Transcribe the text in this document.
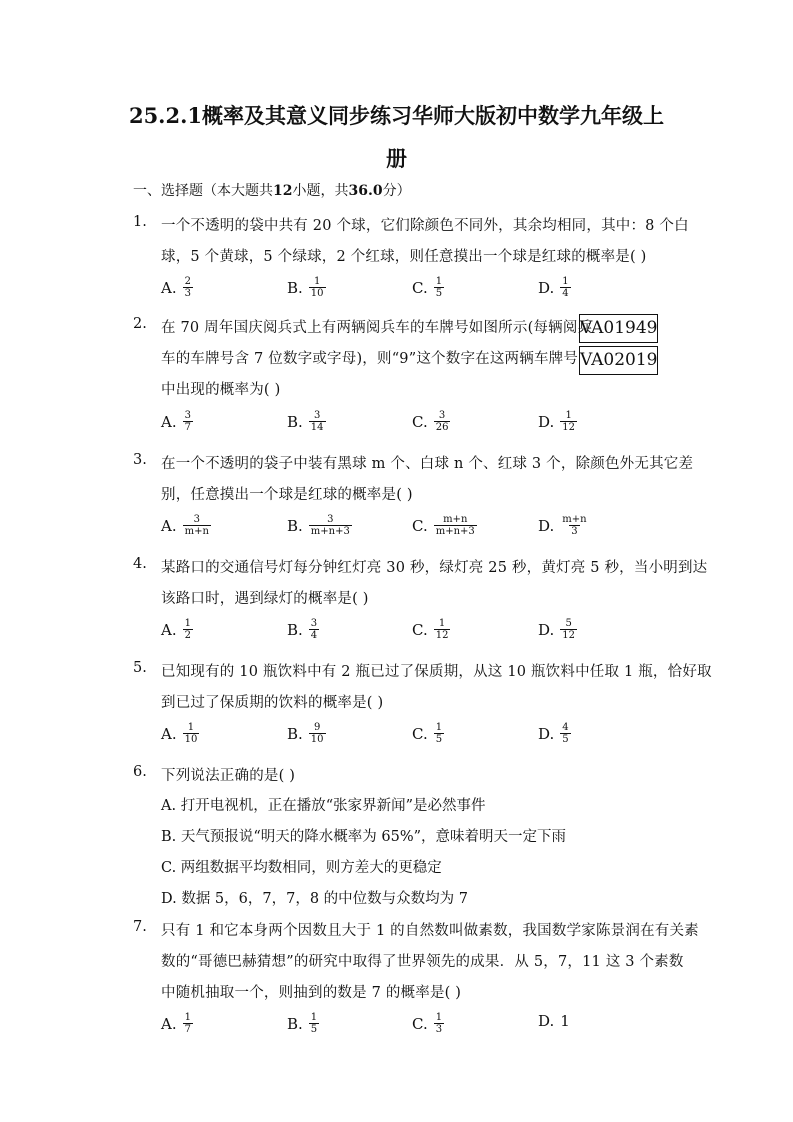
25.2.1概率及其意义同步练习华师大版初中数学九年级上
册
一、选择题（本大题共12小题，共36.0分）
1. 一个不透明的袋中共有 20 个球，它们除颜色不同外，其余均相同，其中：8 个白
球，5 个黄球，5 个绿球，2 个红球，则任意摸出一个球是红球的概率是( )
A. $\frac{2}{3}$	B. $\frac{1}{10}$	C. $\frac{1}{5}$	D. $\frac{1}{4}$
2. 在 70 周年国庆阅兵式上有两辆阅兵车的车牌号如图所示(每辆阅兵
车的车牌号含 7 位数字或字母)，则“9”这个数字在这两辆车牌号
中出现的概率为( )
VA01949
VA02019
A. $\frac{3}{7}$	B. $\frac{3}{14}$	C. $\frac{3}{26}$	D. $\frac{1}{12}$
3. 在一个不透明的袋子中装有黑球 m 个、白球 n 个、红球 3 个，除颜色外无其它差
别，任意摸出一个球是红球的概率是( )
A. $\frac{3}{m+n}$	B. $\frac{3}{m+n+3}$	C. $\frac{m+n}{m+n+3}$	D. $\frac{m+n}{3}$
4. 某路口的交通信号灯每分钟红灯亮 30 秒，绿灯亮 25 秒，黄灯亮 5 秒，当小明到达
该路口时，遇到绿灯的概率是( )
A. $\frac{1}{2}$	B. $\frac{3}{4}$	C. $\frac{1}{12}$	D. $\frac{5}{12}$
5. 已知现有的 10 瓶饮料中有 2 瓶已过了保质期，从这 10 瓶饮料中任取 1 瓶，恰好取
到已过了保质期的饮料的概率是( )
A. $\frac{1}{10}$	B. $\frac{9}{10}$	C. $\frac{1}{5}$	D. $\frac{4}{5}$
6. 下列说法正确的是( )
A. 打开电视机，正在播放“张家界新闻”是必然事件
B. 天气预报说“明天的降水概率为 65%”，意味着明天一定下雨
C. 两组数据平均数相同，则方差大的更稳定
D. 数据 5，6，7，7，8 的中位数与众数均为 7
7. 只有 1 和它本身两个因数且大于 1 的自然数叫做素数，我国数学家陈景润在有关素
数的“哥德巴赫猜想”的研究中取得了世界领先的成果．从 5，7，11 这 3 个素数
中随机抽取一个，则抽到的数是 7 的概率是( )
A. $\frac{1}{7}$	B. $\frac{1}{5}$	C. $\frac{1}{3}$	D. 1
